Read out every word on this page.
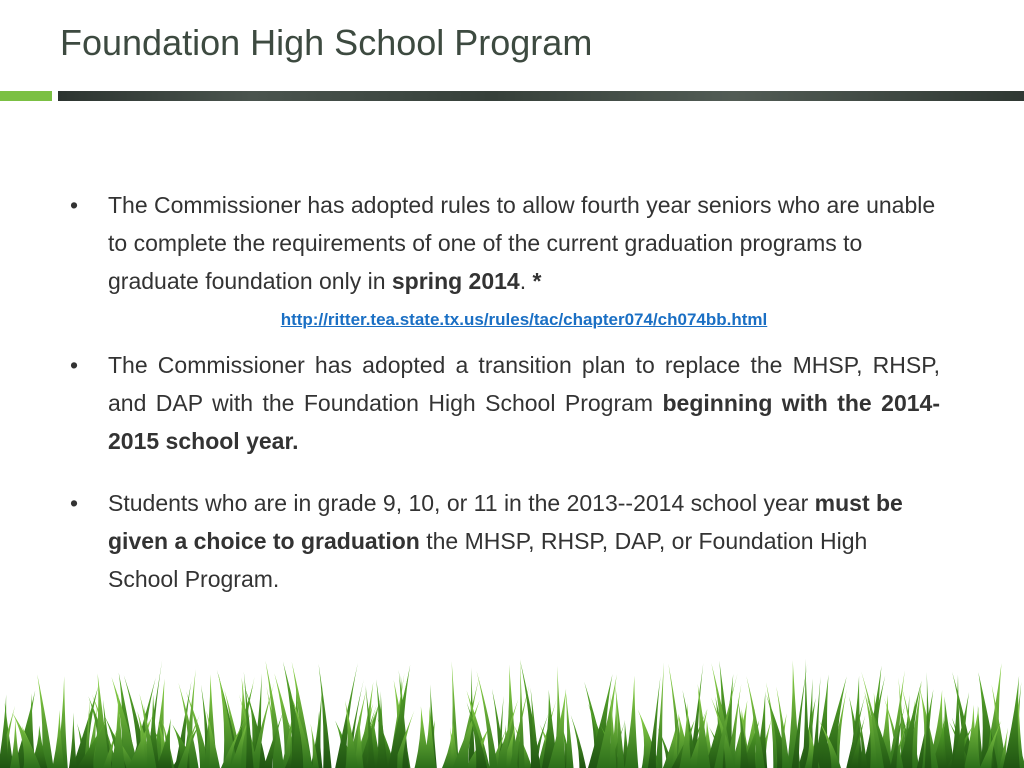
Foundation High School Program
•	The Commissioner has adopted rules to allow fourth year seniors who are unable to complete the requirements of one of the current graduation programs to graduate foundation only in spring 2014. *
http://ritter.tea.state.tx.us/rules/tac/chapter074/ch074bb.html
•	The Commissioner has adopted a transition plan to replace the MHSP, RHSP, and DAP with the Foundation High School Program beginning with the 2014-2015 school year.
•	Students who are in grade 9, 10, or 11 in the 2013--2014 school year must be given a choice to graduation the MHSP, RHSP, DAP, or Foundation High School Program.
